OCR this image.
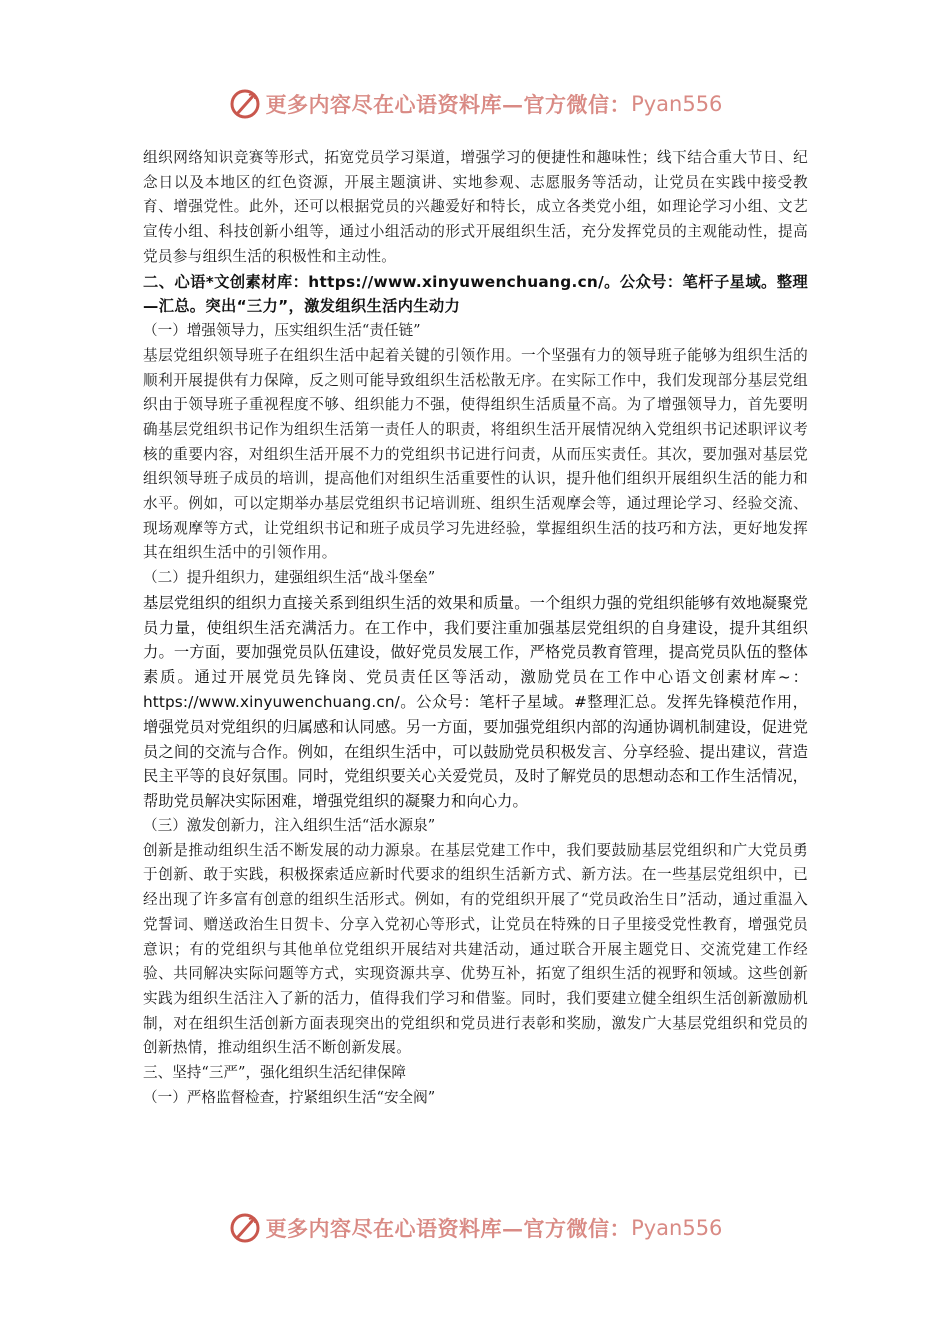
更多内容尽在心语资料库—官方微信： Pyan556

组织网络知识竞赛等形式，拓宽党员学习渠道，增强学习的便捷性和趣味性；线下结合重大节日、纪念日以及本地区的红色资源，开展主题演讲、实地参观、志愿服务等活动，让党员在实践中接受教育、增强党性。此外，还可以根据党员的兴趣爱好和特长，成立各类党小组，如理论学习小组、文艺宣传小组、科技创新小组等，通过小组活动的形式开展组织生活，充分发挥党员的主观能动性，提高党员参与组织生活的积极性和主动性。

二、心语*文创素材库：https://www.xinyuwenchuang.cn/。公众号：笔杆子星域。整理—汇总。突出“三力”，激发组织生活内生动力

（一）增强领导力，压实组织生活“责任链”

基层党组织领导班子在组织生活中起着关键的引领作用。一个坚强有力的领导班子能够为组织生活的顺利开展提供有力保障，反之则可能导致组织生活松散无序。在实际工作中，我们发现部分基层党组织由于领导班子重视程度不够、组织能力不强，使得组织生活质量不高。为了增强领导力，首先要明确基层党组织书记作为组织生活第一责任人的职责，将组织生活开展情况纳入党组织书记述职评议考核的重要内容，对组织生活开展不力的党组织书记进行问责，从而压实责任。其次，要加强对基层党组织领导班子成员的培训，提高他们对组织生活重要性的认识，提升他们组织开展组织生活的能力和水平。例如，可以定期举办基层党组织书记培训班、组织生活观摩会等，通过理论学习、经验交流、现场观摩等方式，让党组织书记和班子成员学习先进经验，掌握组织生活的技巧和方法，更好地发挥其在组织生活中的引领作用。

（二）提升组织力，建强组织生活“战斗堡垒”

基层党组织的组织力直接关系到组织生活的效果和质量。一个组织力强的党组织能够有效地凝聚党员力量，使组织生活充满活力。在工作中，我们要注重加强基层党组织的自身建设，提升其组织力。一方面，要加强党员队伍建设，做好党员发展工作，严格党员教育管理，提高党员队伍的整体素质。通过开展党员先锋岗、党员责任区等活动，激励党员在工作中心语文创素材库~：https://www.xinyuwenchuang.cn/。公众号：笔杆子星域。#整理汇总。发挥先锋模范作用，增强党员对党组织的归属感和认同感。另一方面，要加强党组织内部的沟通协调机制建设，促进党员之间的交流与合作。例如，在组织生活中，可以鼓励党员积极发言、分享经验、提出建议，营造民主平等的良好氛围。同时，党组织要关心关爱党员，及时了解党员的思想动态和工作生活情况，帮助党员解决实际困难，增强党组织的凝聚力和向心力。

（三）激发创新力，注入组织生活“活水源泉”

创新是推动组织生活不断发展的动力源泉。在基层党建工作中，我们要鼓励基层党组织和广大党员勇于创新、敢于实践，积极探索适应新时代要求的组织生活新方式、新方法。在一些基层党组织中，已经出现了许多富有创意的组织生活形式。例如，有的党组织开展了“党员政治生日”活动，通过重温入党誓词、赠送政治生日贺卡、分享入党初心等形式，让党员在特殊的日子里接受党性教育，增强党员意识；有的党组织与其他单位党组织开展结对共建活动，通过联合开展主题党日、交流党建工作经验、共同解决实际问题等方式，实现资源共享、优势互补，拓宽了组织生活的视野和领域。这些创新实践为组织生活注入了新的活力，值得我们学习和借鉴。同时，我们要建立健全组织生活创新激励机制，对在组织生活创新方面表现突出的党组织和党员进行表彰和奖励，激发广大基层党组织和党员的创新热情，推动组织生活不断创新发展。

三、坚持“三严”，强化组织生活纪律保障

（一）严格监督检查，拧紧组织生活“安全阀”

更多内容尽在心语资料库—官方微信： Pyan556
